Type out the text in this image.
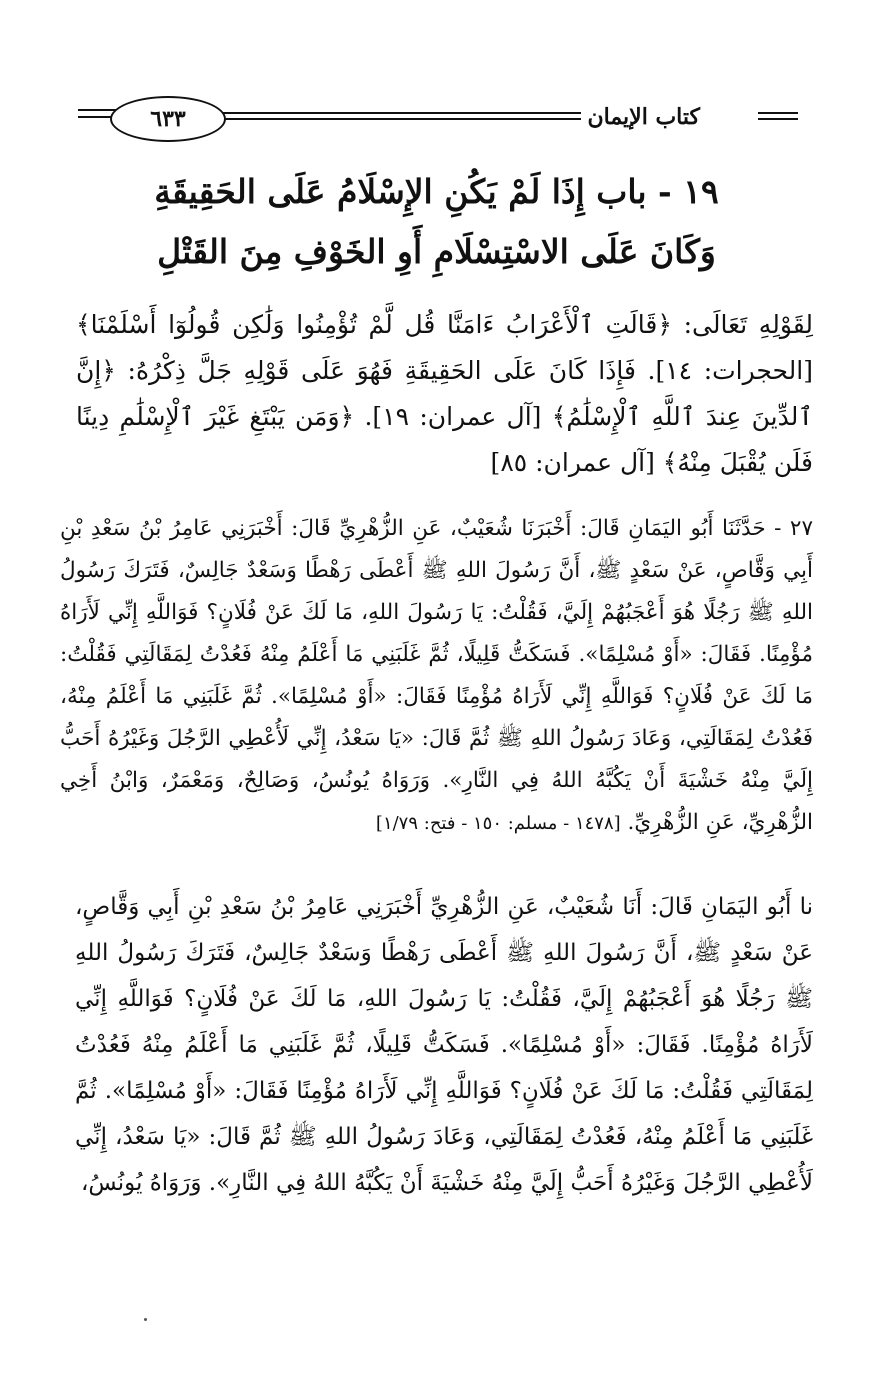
٦٣٣	كتاب الإيمان
١٩ - باب إِذَا لَمْ يَكُنِ الإِسْلَامُ عَلَى الحَقِيقَةِ
وَكَانَ عَلَى الاسْتِسْلَامِ أَوِ الخَوْفِ مِنَ القَتْلِ
لِقَوْلِهِ تَعَالَى: ﴿قَالَتِ ٱلْأَعْرَابُ ءَامَنَّا قُل لَّمْ تُؤْمِنُوا وَلَٰكِن قُولُوٓا أَسْلَمْنَا﴾ [الحجرات: ١٤]. فَإِذَا كَانَ عَلَى الحَقِيقَةِ فَهُوَ عَلَى قَوْلِهِ جَلَّ ذِكْرُهُ: ﴿إِنَّ ٱلدِّينَ عِندَ ٱللَّهِ ٱلْإِسْلَٰمُ﴾ [آل عمران: ١٩]. ﴿وَمَن يَبْتَغِ غَيْرَ ٱلْإِسْلَٰمِ دِينًا فَلَن يُقْبَلَ مِنْهُ﴾ [آل عمران: ٨٥]
٢٧ - حَدَّثَنَا أَبُو اليَمَانِ قَالَ: أَخْبَرَنَا شُعَيْبٌ، عَنِ الزُّهْرِيِّ قَالَ: أَخْبَرَنِي عَامِرُ بْنُ سَعْدِ بْنِ أَبِي وَقَّاصٍ، عَنْ سَعْدٍ ﷺ، أَنَّ رَسُولَ اللهِ ﷺ أَعْطَى رَهْطًا وَسَعْدٌ جَالِسٌ، فَتَرَكَ رَسُولُ اللهِ ﷺ رَجُلًا هُوَ أَعْجَبُهُمْ إِلَيَّ، فَقُلْتُ: يَا رَسُولَ اللهِ، مَا لَكَ عَنْ فُلَانٍ؟ فَوَاللَّهِ إِنِّي لَأَرَاهُ مُؤْمِنًا. فَقَالَ: «أَوْ مُسْلِمًا». فَسَكَتُّ قَلِيلًا، ثُمَّ غَلَبَنِي مَا أَعْلَمُ مِنْهُ فَعُدْتُ لِمَقَالَتِي فَقُلْتُ: مَا لَكَ عَنْ فُلَانٍ؟ فَوَاللَّهِ إِنِّي لَأَرَاهُ مُؤْمِنًا فَقَالَ: «أَوْ مُسْلِمًا». ثُمَّ غَلَبَنِي مَا أَعْلَمُ مِنْهُ، فَعُدْتُ لِمَقَالَتِي، وَعَادَ رَسُولُ اللهِ ﷺ ثُمَّ قَالَ: «يَا سَعْدُ، إِنِّي لَأُعْطِي الرَّجُلَ وَغَيْرُهُ أَحَبُّ إِلَيَّ مِنْهُ خَشْيَةَ أَنْ يَكُبَّهُ اللهُ فِي النَّارِ». وَرَوَاهُ يُونُسُ، وَصَالِحٌ، وَمَعْمَرٌ، وَابْنُ أَخِي الزُّهْرِيِّ، عَنِ الزُّهْرِيِّ. [١٤٧٨ - مسلم: ١٥٠ - فتح: ١/٧٩]
نا أَبُو اليَمَانِ قَالَ: أَنَا شُعَيْبٌ، عَنِ الزُّهْرِيِّ أَخْبَرَنِي عَامِرُ بْنُ سَعْدِ بْنِ أَبِي وَقَّاصٍ، عَنْ سَعْدٍ ﷺ، أَنَّ رَسُولَ اللهِ ﷺ أَعْطَى رَهْطًا وَسَعْدٌ جَالِسٌ، فَتَرَكَ رَسُولُ اللهِ ﷺ رَجُلًا هُوَ أَعْجَبُهُمْ إِلَيَّ، فَقُلْتُ: يَا رَسُولَ اللهِ، مَا لَكَ عَنْ فُلَانٍ؟ فَوَاللَّهِ إِنِّي لَأَرَاهُ مُؤْمِنًا. فَقَالَ: «أَوْ مُسْلِمًا». فَسَكَتُّ قَلِيلًا، ثُمَّ غَلَبَنِي مَا أَعْلَمُ مِنْهُ فَعُدْتُ لِمَقَالَتِي فَقُلْتُ: مَا لَكَ عَنْ فُلَانٍ؟ فَوَاللَّهِ إِنِّي لَأَرَاهُ مُؤْمِنًا فَقَالَ: «أَوْ مُسْلِمًا». ثُمَّ غَلَبَنِي مَا أَعْلَمُ مِنْهُ، فَعُدْتُ لِمَقَالَتِي، وَعَادَ رَسُولُ اللهِ ﷺ ثُمَّ قَالَ: «يَا سَعْدُ، إِنِّي لَأُعْطِي الرَّجُلَ وَغَيْرُهُ أَحَبُّ إِلَيَّ مِنْهُ خَشْيَةَ أَنْ يَكُبَّهُ اللهُ فِي النَّارِ». وَرَوَاهُ يُونُسُ،
